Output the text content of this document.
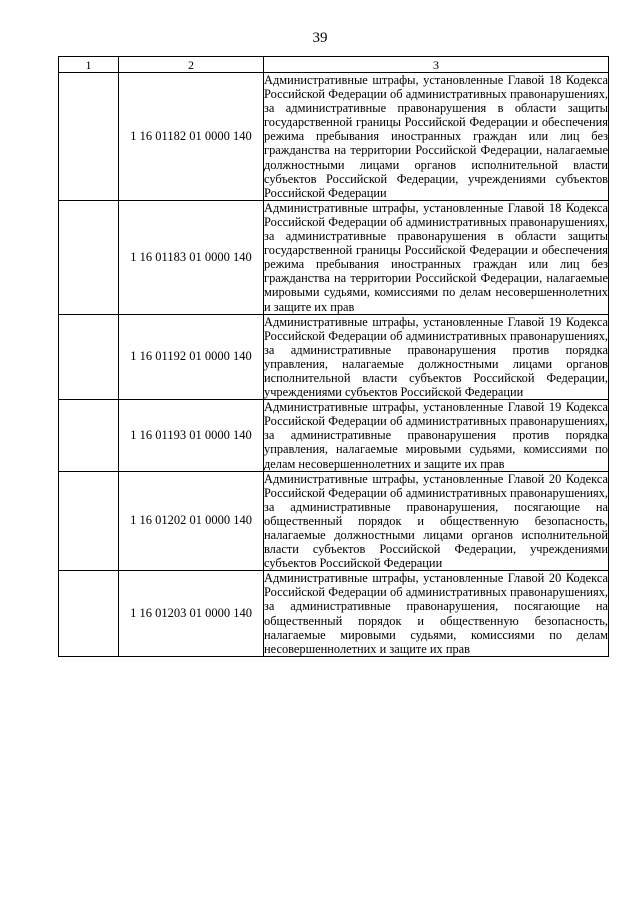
39
1	2	3
	1 16 01182 01 0000 140	Административные штрафы, установленные Главой 18 Кодекса Российской Федерации об административных правонарушениях, за административные правонарушения в области защиты государственной границы Российской Федерации и обеспечения режима пребывания иностранных граждан или лиц без гражданства на территории Российской Федерации, налагаемые должностными лицами органов исполнительной власти субъектов Российской Федерации, учреждениями субъектов Российской Федерации
	1 16 01183 01 0000 140	Административные штрафы, установленные Главой 18 Кодекса Российской Федерации об административных правонарушениях, за административные правонарушения в области защиты государственной границы Российской Федерации и обеспечения режима пребывания иностранных граждан или лиц без гражданства на территории Российской Федерации, налагаемые мировыми судьями, комиссиями по делам несовершеннолетних и защите их прав
	1 16 01192 01 0000 140	Административные штрафы, установленные Главой 19 Кодекса Российской Федерации об административных правонарушениях, за административные правонарушения против порядка управления, налагаемые должностными лицами органов исполнительной власти субъектов Российской Федерации, учреждениями субъектов Российской Федерации
	1 16 01193 01 0000 140	Административные штрафы, установленные Главой 19 Кодекса Российской Федерации об административных правонарушениях, за административные правонарушения против порядка управления, налагаемые мировыми судьями, комиссиями по делам несовершеннолетних и защите их прав
	1 16 01202 01 0000 140	Административные штрафы, установленные Главой 20 Кодекса Российской Федерации об административных правонарушениях, за административные правонарушения, посягающие на общественный порядок и общественную безопасность, налагаемые должностными лицами органов исполнительной власти субъектов Российской Федерации, учреждениями субъектов Российской Федерации
	1 16 01203 01 0000 140	Административные штрафы, установленные Главой 20 Кодекса Российской Федерации об административных правонарушениях, за административные правонарушения, посягающие на общественный порядок и общественную безопасность, налагаемые мировыми судьями, комиссиями по делам несовершеннолетних и защите их прав
